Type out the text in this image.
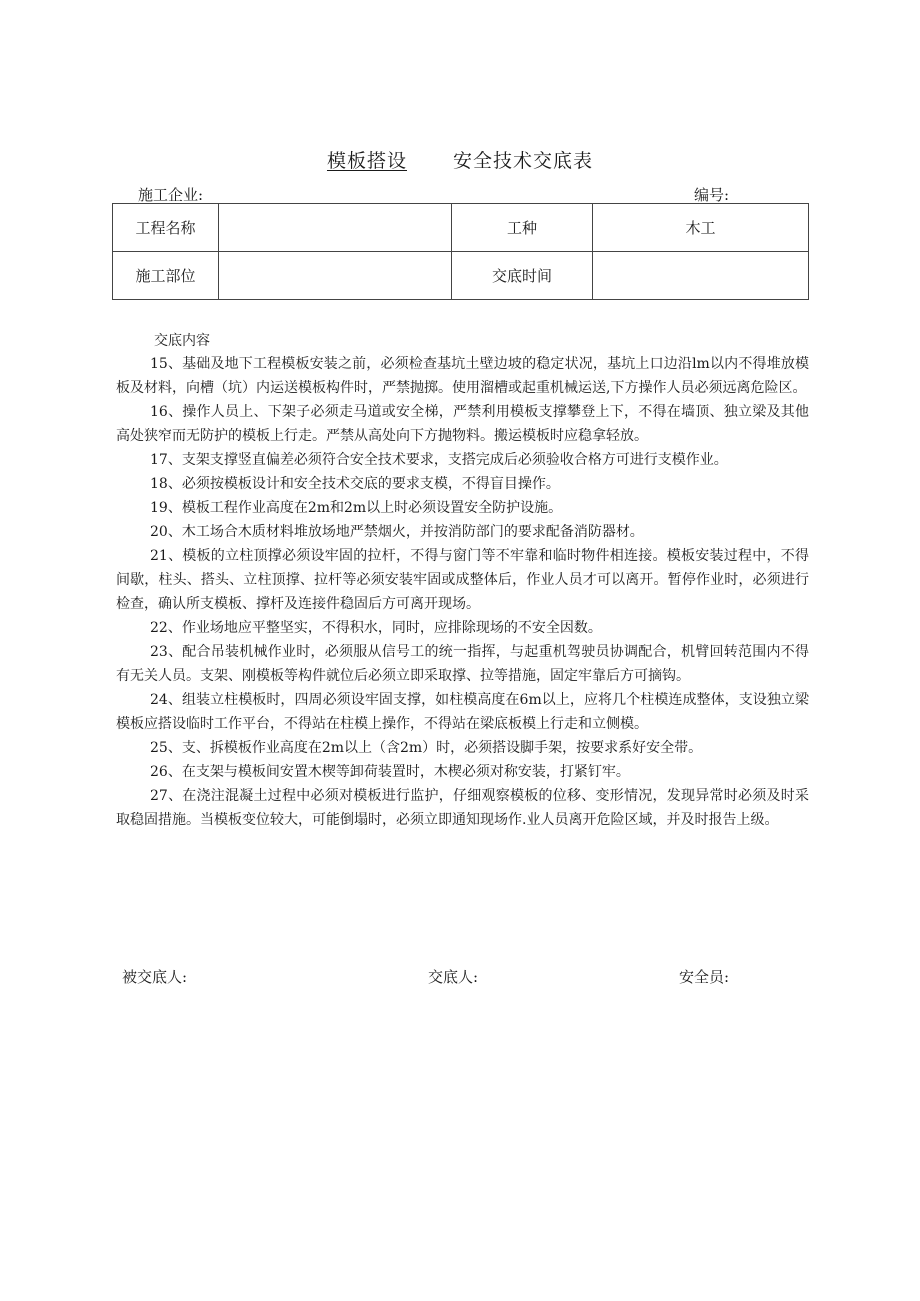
模板搭设 安全技术交底表
施工企业:	编号:
工程名称		工种	木工
施工部位		交底时间	
交底内容

15、基础及地下工程模板安装之前，必须检查基坑土壁边坡的稳定状况，基坑上口边沿lm以内不得堆放模板及材料，向槽（坑）内运送模板构件时，严禁抛掷。使用溜槽或起重机械运送,下方操作人员必须远离危险区。

16、操作人员上、下架子必须走马道或安全梯，严禁利用模板支撑攀登上下，不得在墙顶、独立梁及其他高处狭窄而无防护的模板上行走。严禁从高处向下方抛物料。搬运模板时应稳拿轻放。

17、支架支撑竖直偏差必须符合安全技术要求，支搭完成后必须验收合格方可进行支模作业。

18、必须按模板设计和安全技术交底的要求支模，不得盲目操作。

19、模板工程作业高度在2m和2m以上时必须设置安全防护设施。

20、木工场合木质材料堆放场地严禁烟火，并按消防部门的要求配备消防器材。

21、模板的立柱顶撑必须设牢固的拉杆，不得与窗门等不牢靠和临时物件相连接。模板安装过程中，不得间歇，柱头、搭头、立柱顶撑、拉杆等必须安装牢固或成整体后，作业人员才可以离开。暂停作业时，必须进行检查，确认所支模板、撑杆及连接件稳固后方可离开现场。

22、作业场地应平整坚实，不得积水，同时，应排除现场的不安全因数。

23、配合吊装机械作业时，必须服从信号工的统一指挥，与起重机驾驶员协调配合，机臂回转范围内不得有无关人员。支架、刚模板等构件就位后必须立即采取撑、拉等措施，固定牢靠后方可摘钩。

24、组装立柱模板时，四周必须设牢固支撑，如柱模高度在6m以上，应将几个柱模连成整体，支设独立梁模板应搭设临时工作平台，不得站在柱模上操作，不得站在梁底板模上行走和立侧模。

25、支、拆模板作业高度在2m以上（含2m）时，必须搭设脚手架，按要求系好安全带。

26、在支架与模板间安置木楔等卸荷装置时，木楔必须对称安装，打紧钉牢。

27、在浇注混凝土过程中必须对模板进行监护，仔细观察模板的位移、变形情况，发现异常时必须及时采取稳固措施。当模板变位较大，可能倒塌时，必须立即通知现场作.业人员离开危险区域，并及时报告上级。

被交底人:	交底人:	安全员:
